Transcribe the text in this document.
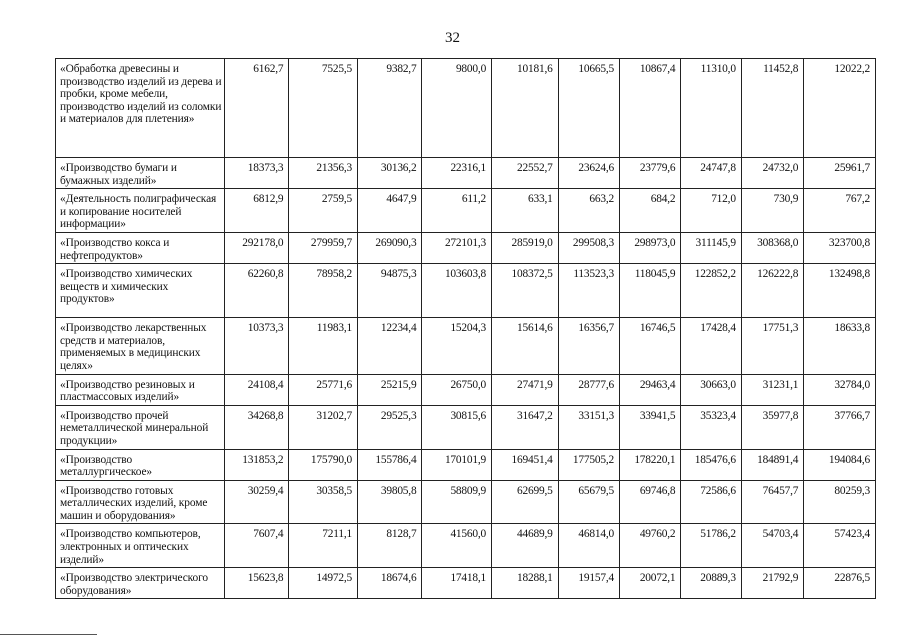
32
«Обработка древесины и производство изделий из дерева и пробки, кроме мебели, производство изделий из соломки и материалов для плетения»	6162,7	7525,5	9382,7	9800,0	10181,6	10665,5	10867,4	11310,0	11452,8	12022,2
«Производство бумаги и бумажных изделий»	18373,3	21356,3	30136,2	22316,1	22552,7	23624,6	23779,6	24747,8	24732,0	25961,7
«Деятельность полиграфическая и копирование носителей информации»	6812,9	2759,5	4647,9	611,2	633,1	663,2	684,2	712,0	730,9	767,2
«Производство кокса и нефтепродуктов»	292178,0	279959,7	269090,3	272101,3	285919,0	299508,3	298973,0	311145,9	308368,0	323700,8
«Производство химических веществ и химических продуктов»	62260,8	78958,2	94875,3	103603,8	108372,5	113523,3	118045,9	122852,2	126222,8	132498,8
«Производство лекарственных средств и материалов, применяемых в медицинских целях»	10373,3	11983,1	12234,4	15204,3	15614,6	16356,7	16746,5	17428,4	17751,3	18633,8
«Производство резиновых и пластмассовых изделий»	24108,4	25771,6	25215,9	26750,0	27471,9	28777,6	29463,4	30663,0	31231,1	32784,0
«Производство прочей неметаллической минеральной продукции»	34268,8	31202,7	29525,3	30815,6	31647,2	33151,3	33941,5	35323,4	35977,8	37766,7
«Производство металлургическое»	131853,2	175790,0	155786,4	170101,9	169451,4	177505,2	178220,1	185476,6	184891,4	194084,6
«Производство готовых металлических изделий, кроме машин и оборудования»	30259,4	30358,5	39805,8	58809,9	62699,5	65679,5	69746,8	72586,6	76457,7	80259,3
«Производство компьютеров, электронных и оптических изделий»	7607,4	7211,1	8128,7	41560,0	44689,9	46814,0	49760,2	51786,2	54703,4	57423,4
«Производство электрического оборудования»	15623,8	14972,5	18674,6	17418,1	18288,1	19157,4	20072,1	20889,3	21792,9	22876,5
